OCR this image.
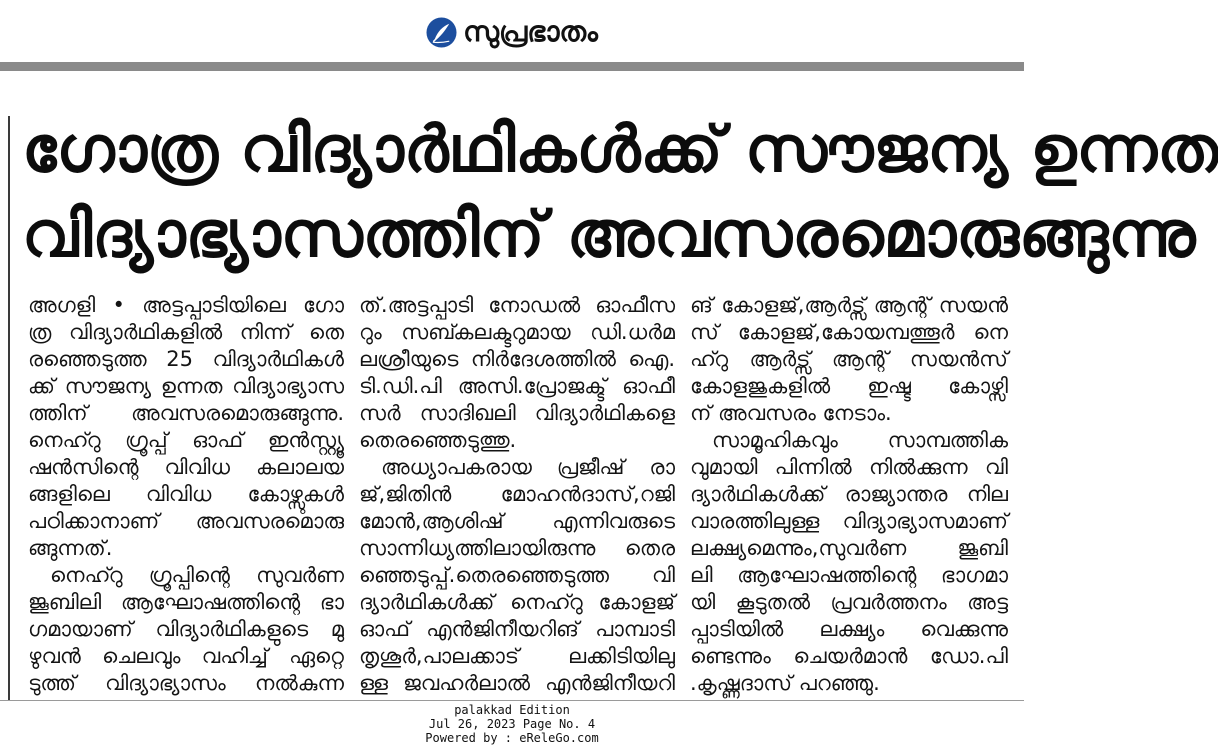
സുപ്രഭാതം
ഗോത്ര വിദ്യാർഥികൾക്ക് സൗജന്യ ഉന്നത
വിദ്യാഭ്യാസത്തിന് അവസരമൊരുങ്ങുന്നു
അഗളി • അട്ടപ്പാടിയിലെ ഗോ
ത്ര വിദ്യാർഥികളിൽ നിന്ന് തെ
രഞ്ഞെടുത്ത 25 വിദ്യാർഥികൾ
ക്ക് സൗജന്യ ഉന്നത വിദ്യാഭ്യാസ
ത്തിന് അവസരമൊരുങ്ങുന്നു.
നെഹ്റു ഗ്രൂപ്പ് ഓഫ് ഇൻസ്റ്റ്യൂ
ഷൻസിന്റെ വിവിധ കലാലയ
ങ്ങളിലെ വിവിധ കോഴ്സുകൾ
പഠിക്കാനാണ് അവസരമൊരു
ങ്ങുന്നത്.
നെഹ്റു ഗ്രൂപ്പിന്റെ സുവർണ
ജൂബിലി ആഘോഷത്തിന്റെ ഭാ
ഗമായാണ് വിദ്യാർഥികളുടെ മു
ഴുവൻ ചെലവും വഹിച്ച് ഏറ്റെ
ടുത്ത് വിദ്യാഭ്യാസം നൽകുന്ന
ത്.അട്ടപ്പാടി നോഡൽ ഓഫീസ
റും സബ്കലക്ടറുമായ ഡി.ധർമ
ലശ്രീയുടെ നിർദേശത്തിൽ ഐ.
ടി.ഡി.പി അസി.പ്രോജക്ട് ഓഫീ
സർ സാദിഖലി വിദ്യാർഥികളെ
തെരഞ്ഞെടുത്തു.
അധ്യാപകരായ പ്രജീഷ് രാ
ജ്,ജിതിൻ മോഹൻദാസ്,റജി
മോൻ,ആശിഷ് എന്നിവരുടെ
സാന്നിധ്യത്തിലായിരുന്നു തെര
ഞ്ഞെടുപ്പ്.തെരഞ്ഞെടുത്ത വി
ദ്യാർഥികൾക്ക് നെഹ്റു കോളജ്
ഓഫ് എൻജിനീയറിങ് പാമ്പാടി
തൃശൂർ,പാലക്കാട് ലക്കിടിയിലു
ള്ള ജവഹർലാൽ എൻജിനീയറി
ങ് കോളജ്,ആർട്സ് ആന്റ് സയൻ
സ് കോളജ്,കോയമ്പത്തൂർ നെ
ഹ്റു ആർട്സ് ആന്റ് സയൻസ്
കോളജുകളിൽ ഇഷ്ട കോഴ്സി
ന് അവസരം നേടാം.
സാമൂഹികവും സാമ്പത്തിക
വുമായി പിന്നിൽ നിൽക്കുന്ന വി
ദ്യാർഥികൾക്ക് രാജ്യാന്തര നില
വാരത്തിലുള്ള വിദ്യാഭ്യാസമാണ്
ലക്ഷ്യമെന്നും,സുവർണ ജൂബി
ലി ആഘോഷത്തിന്റെ ഭാഗമാ
യി കൂടുതൽ പ്രവർത്തനം അട്ട
പ്പാടിയിൽ ലക്ഷ്യം വെക്കുന്നു
ണ്ടെന്നും ചെയർമാൻ ഡോ.പി
.കൃഷ്ണദാസ് പറഞ്ഞു.
palakkad Edition
Jul 26, 2023 Page No. 4
Powered by : eReleGo.com
